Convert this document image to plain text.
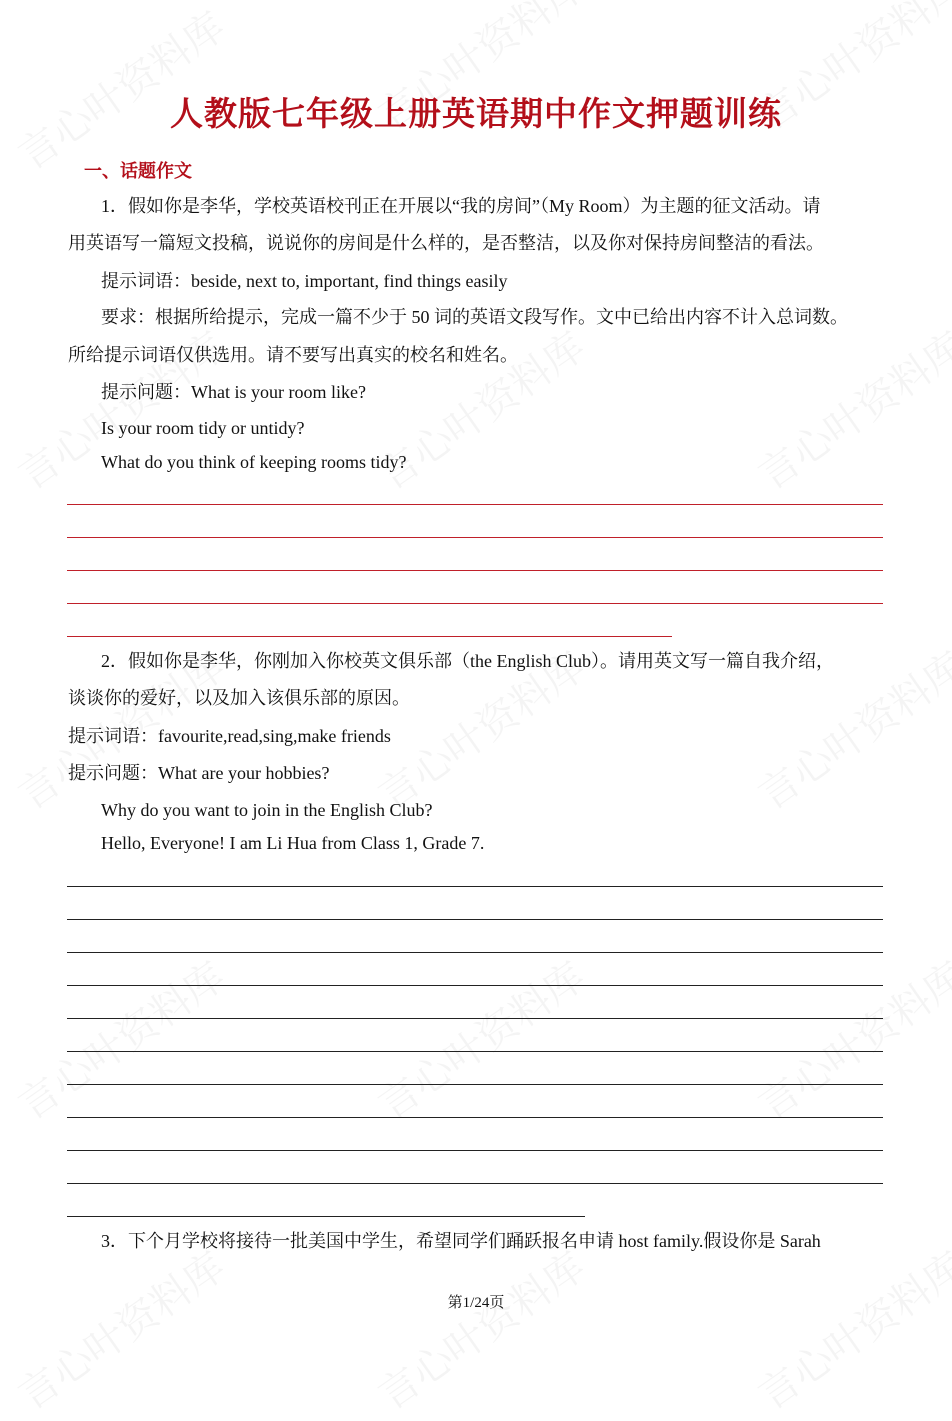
人教版七年级上册英语期中作文押题训练
一、话题作文
1．假如你是李华，学校英语校刊正在开展以“我的房间”（My Room）为主题的征文活动。请
用英语写一篇短文投稿，说说你的房间是什么样的，是否整洁，以及你对保持房间整洁的看法。
提示词语：beside, next to, important, find things easily
要求：根据所给提示，完成一篇不少于 50 词的英语文段写作。文中已给出内容不计入总词数。
所给提示词语仅供选用。请不要写出真实的校名和姓名。
提示问题：What is your room like?
Is your room tidy or untidy?
What do you think of keeping rooms tidy?
2．假如你是李华，你刚加入你校英文俱乐部（the English Club）。请用英文写一篇自我介绍，
谈谈你的爱好，以及加入该俱乐部的原因。
提示词语：favourite,read,sing,make friends
提示问题：What are your hobbies?
Why do you want to join in the English Club?
Hello, Everyone! I am Li Hua from Class 1, Grade 7.
3．下个月学校将接待一批美国中学生，希望同学们踊跃报名申请 host family.假设你是 Sarah
第1/24页
